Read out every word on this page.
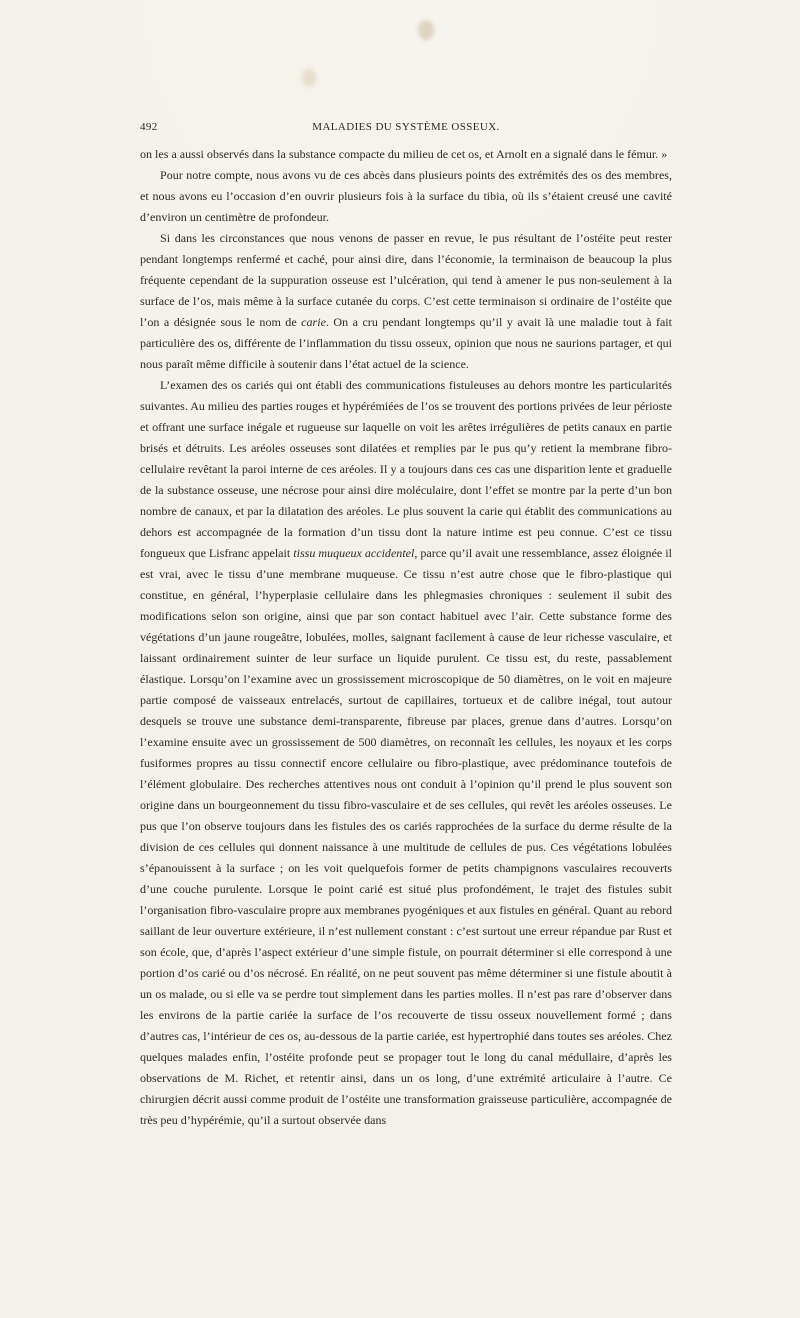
492	MALADIES DU SYSTÈME OSSEUX.

on les a aussi observés dans la substance compacte du milieu de cet os, et Arnolt en a signalé dans le fémur. »

Pour notre compte, nous avons vu de ces abcès dans plusieurs points des extrémités des os des membres, et nous avons eu l’occasion d’en ouvrir plusieurs fois à la surface du tibia, où ils s’étaient creusé une cavité d’environ un centimètre de profondeur.

Si dans les circonstances que nous venons de passer en revue, le pus résultant de l’ostéite peut rester pendant longtemps renfermé et caché, pour ainsi dire, dans l’économie, la terminaison de beaucoup la plus fréquente cependant de la suppuration osseuse est l’ulcération, qui tend à amener le pus non-seulement à la surface de l’os, mais même à la surface cutanée du corps. C’est cette terminaison si ordinaire de l’ostéite que l’on a désignée sous le nom de carie. On a cru pendant longtemps qu’il y avait là une maladie tout à fait particulière des os, différente de l’inflammation du tissu osseux, opinion que nous ne saurions partager, et qui nous paraît même difficile à soutenir dans l’état actuel de la science.

L’examen des os cariés qui ont établi des communications fistuleuses au dehors montre les particularités suivantes. Au milieu des parties rouges et hypérémiées de l’os se trouvent des portions privées de leur périoste et offrant une surface inégale et rugueuse sur laquelle on voit les arêtes irrégulières de petits canaux en partie brisés et détruits. Les aréoles osseuses sont dilatées et remplies par le pus qu’y retient la membrane fibro-cellulaire revêtant la paroi interne de ces aréoles. Il y a toujours dans ces cas une disparition lente et graduelle de la substance osseuse, une nécrose pour ainsi dire moléculaire, dont l’effet se montre par la perte d’un bon nombre de canaux, et par la dilatation des aréoles. Le plus souvent la carie qui établit des communications au dehors est accompagnée de la formation d’un tissu dont la nature intime est peu connue. C’est ce tissu fongueux que Lisfranc appelait tissu muqueux accidentel, parce qu’il avait une ressemblance, assez éloignée il est vrai, avec le tissu d’une membrane muqueuse. Ce tissu n’est autre chose que le fibro-plastique qui constitue, en général, l’hyperplasie cellulaire dans les phlegmasies chroniques : seulement il subit des modifications selon son origine, ainsi que par son contact habituel avec l’air. Cette substance forme des végétations d’un jaune rougeâtre, lobulées, molles, saignant facilement à cause de leur richesse vasculaire, et laissant ordinairement suinter de leur surface un liquide purulent. Ce tissu est, du reste, passablement élastique. Lorsqu’on l’examine avec un grossissement microscopique de 50 diamètres, on le voit en majeure partie composé de vaisseaux entrelacés, surtout de capillaires, tortueux et de calibre inégal, tout autour desquels se trouve une substance demi-transparente, fibreuse par places, grenue dans d’autres. Lorsqu’on l’examine ensuite avec un grossissement de 500 diamètres, on reconnaît les cellules, les noyaux et les corps fusiformes propres au tissu connectif encore cellulaire ou fibro-plastique, avec prédominance toutefois de l’élément globulaire. Des recherches attentives nous ont conduit à l’opinion qu’il prend le plus souvent son origine dans un bourgeonnement du tissu fibro-vasculaire et de ses cellules, qui revêt les aréoles osseuses. Le pus que l’on observe toujours dans les fistules des os cariés rapprochées de la surface du derme résulte de la division de ces cellules qui donnent naissance à une multitude de cellules de pus. Ces végétations lobulées s’épanouissent à la surface ; on les voit quelquefois former de petits champignons vasculaires recouverts d’une couche purulente. Lorsque le point carié est situé plus profondément, le trajet des fistules subit l’organisation fibro-vasculaire propre aux membranes pyogéniques et aux fistules en général. Quant au rebord saillant de leur ouverture extérieure, il n’est nullement constant : c’est surtout une erreur répandue par Rust et son école, que, d’après l’aspect extérieur d’une simple fistule, on pourrait déterminer si elle correspond à une portion d’os carié ou d’os nécrosé. En réalité, on ne peut souvent pas même déterminer si une fistule aboutit à un os malade, ou si elle va se perdre tout simplement dans les parties molles. Il n’est pas rare d’observer dans les environs de la partie cariée la surface de l’os recouverte de tissu osseux nouvellement formé ; dans d’autres cas, l’intérieur de ces os, au-dessous de la partie cariée, est hypertrophié dans toutes ses aréoles. Chez quelques malades enfin, l’ostéite profonde peut se propager tout le long du canal médullaire, d’après les observations de M. Richet, et retentir ainsi, dans un os long, d’une extrémité articulaire à l’autre. Ce chirurgien décrit aussi comme produit de l’ostéite une transformation graisseuse particulière, accompagnée de très peu d’hypérémie, qu’il a surtout observée dans
